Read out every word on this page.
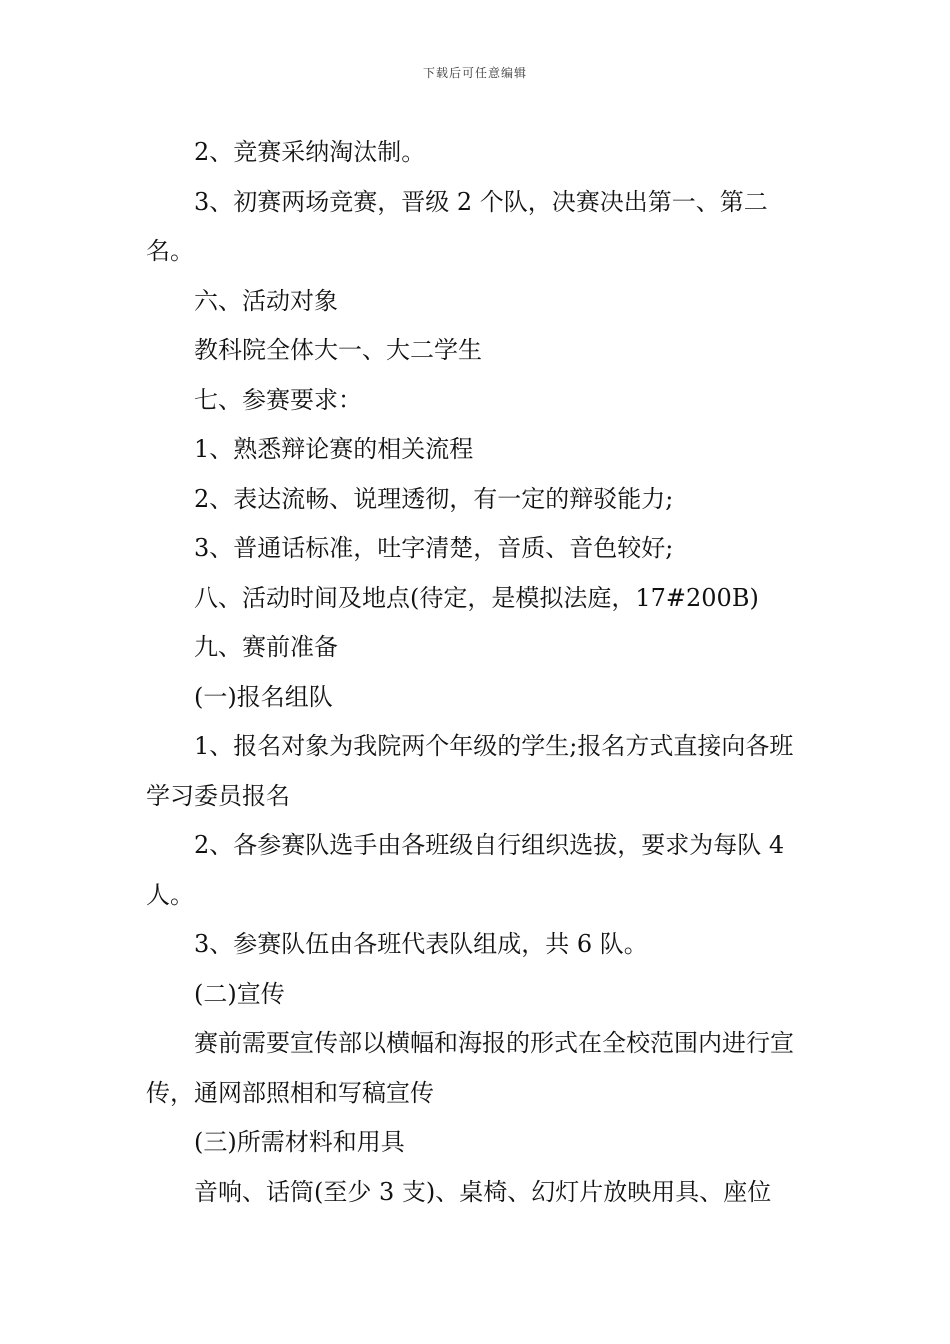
下载后可任意编辑

2、竞赛采纳淘汰制。

3、初赛两场竞赛，晋级 2 个队，决赛决出第一、第二名。

六、活动对象

教科院全体大一、大二学生

七、参赛要求：

1、熟悉辩论赛的相关流程

2、表达流畅、说理透彻，有一定的辩驳能力;

3、普通话标准，吐字清楚，音质、音色较好;

八、活动时间及地点(待定，是模拟法庭，17#200B)

九、赛前准备

(一)报名组队

1、报名对象为我院两个年级的学生;报名方式直接向各班学习委员报名

2、各参赛队选手由各班级自行组织选拔，要求为每队 4 人。

3、参赛队伍由各班代表队组成，共 6 队。

(二)宣传

赛前需要宣传部以横幅和海报的形式在全校范围内进行宣传，通网部照相和写稿宣传

(三)所需材料和用具

音响、话筒(至少 3 支)、桌椅、幻灯片放映用具、座位
